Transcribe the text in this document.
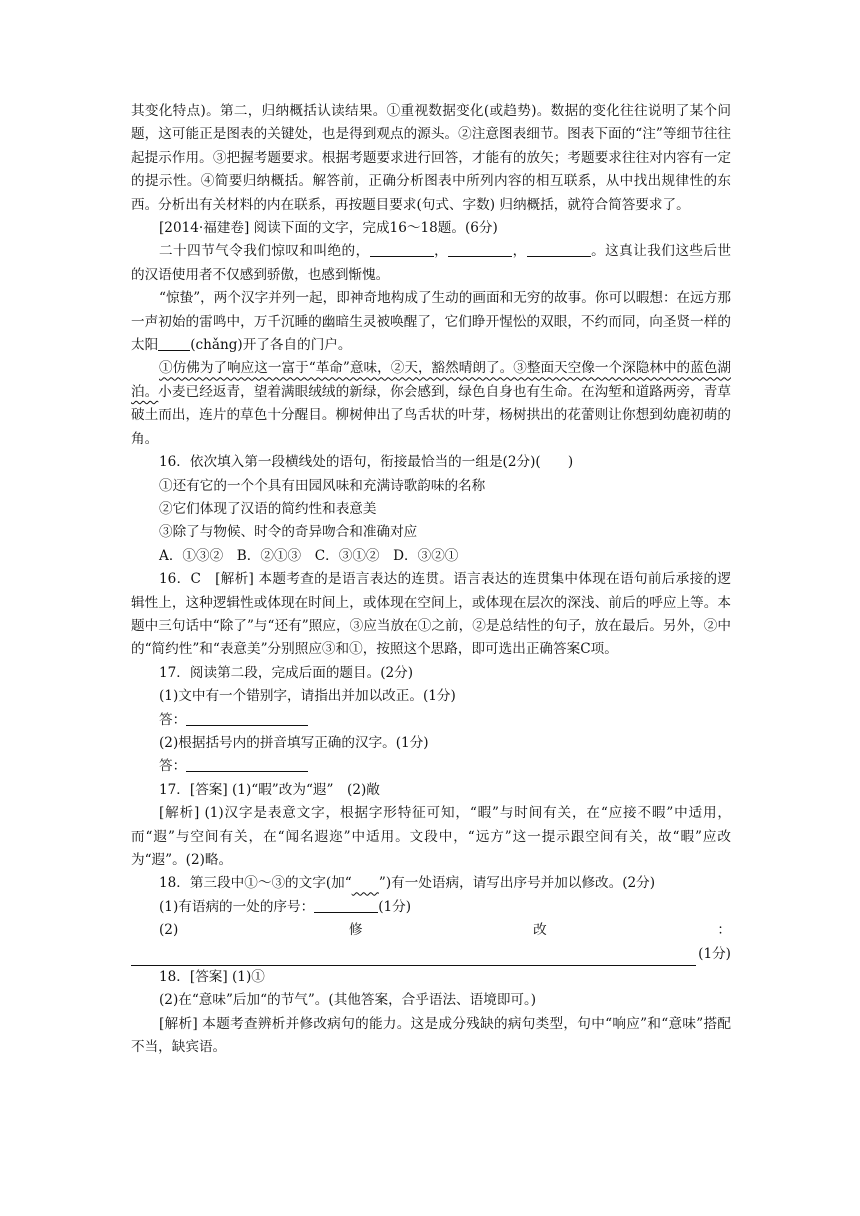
其变化特点)。第二，归纳概括认读结果。①重视数据变化(或趋势)。数据的变化往往说明了某个问题，这可能正是图表的关键处，也是得到观点的源头。②注意图表细节。图表下面的“注”等细节往往起提示作用。③把握考题要求。根据考题要求进行回答，才能有的放矢；考题要求往往对内容有一定的提示性。④简要归纳概括。解答前，正确分析图表中所列内容的相互联系，从中找出规律性的东西。分析出有关材料的内在联系，再按题目要求(句式、字数) 归纳概括，就符合简答要求了。

[2014·福建卷] 阅读下面的文字，完成16～18题。(6分)

二十四节气令我们惊叹和叫绝的，	，	，	。这真让我们这些后世的汉语使用者不仅感到骄傲，也感到惭愧。

“惊蛰”，两个汉字并列一起，即神奇地构成了生动的画面和无穷的故事。你可以暇想：在远方那一声初始的雷鸣中，万千沉睡的幽暗生灵被唤醒了，它们睁开惺忪的双眼，不约而同，向圣贤一样的太阳 (chǎng)开了各自的门户。

①仿佛为了响应这一富于“革命”意味，②天，豁然晴朗了。③整面天空像一个深隐林中的蓝色湖泊。小麦已经返青，望着满眼绒绒的新绿，你会感到，绿色自身也有生命。在沟堑和道路两旁，青草破土而出，连片的草色十分醒目。柳树伸出了鸟舌状的叶芽，杨树拱出的花蕾则让你想到幼鹿初萌的角。

16．依次填入第一段横线处的语句，衔接最恰当的一组是(2分)(　　)

①还有它的一个个具有田园风味和充满诗歌韵味的名称

②它们体现了汉语的简约性和表意美

③除了与物候、时令的奇异吻合和准确对应

A．①③②　B．②①③　C．③①②　D．③②①

16．C　[解析] 本题考查的是语言表达的连贯。语言表达的连贯集中体现在语句前后承接的逻辑性上，这种逻辑性或体现在时间上，或体现在空间上，或体现在层次的深浅、前后的呼应上等。本题中三句话中“除了”与“还有”照应，③应当放在①之前，②是总结性的句子，放在最后。另外，②中的“简约性”和“表意美”分别照应③和①，按照这个思路，即可选出正确答案C项。

17．阅读第二段，完成后面的题目。(2分)

(1)文中有一个错别字，请指出并加以改正。(1分)

答：

(2)根据括号内的拼音填写正确的汉字。(1分)

答：

17．[答案] (1)“暇”改为“遐”　(2)敞

[解析] (1)汉字是表意文字，根据字形特征可知，“暇”与时间有关，在“应接不暇”中适用，而“遐”与空间有关，在“闻名遐迩”中适用。文段中，“远方”这一提示跟空间有关，故“暇”应改为“遐”。(2)略。

18．第三段中①～③的文字(加“　　 ”)有一处语病，请写出序号并加以修改。(2分)

(1)有语病的一处的序号：	(1分)

(2)	修	改	：

(1分)

18．[答案] (1)①

(2)在“意味”后加“的节气”。(其他答案，合乎语法、语境即可。)

[解析] 本题考查辨析并修改病句的能力。这是成分残缺的病句类型，句中“响应”和“意味”搭配不当，缺宾语。
